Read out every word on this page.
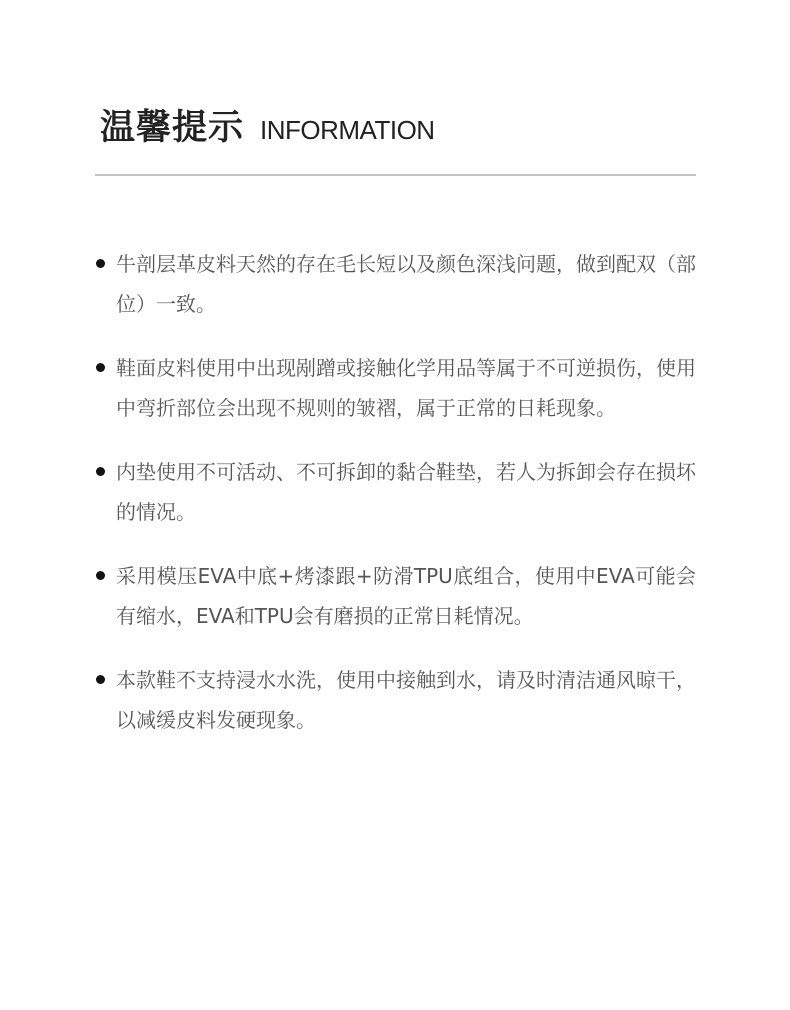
温馨提示 INFORMATION
牛剖层革皮料天然的存在毛长短以及颜色深浅问题，做到配双（部位）一致。
鞋面皮料使用中出现剐蹭或接触化学用品等属于不可逆损伤，使用中弯折部位会出现不规则的皱褶，属于正常的日耗现象。
内垫使用不可活动、不可拆卸的黏合鞋垫，若人为拆卸会存在损坏的情况。
采用模压EVA中底+烤漆跟+防滑TPU底组合，使用中EVA可能会有缩水，EVA和TPU会有磨损的正常日耗情况。
本款鞋不支持浸水水洗，使用中接触到水，请及时清洁通风晾干，以减缓皮料发硬现象。
